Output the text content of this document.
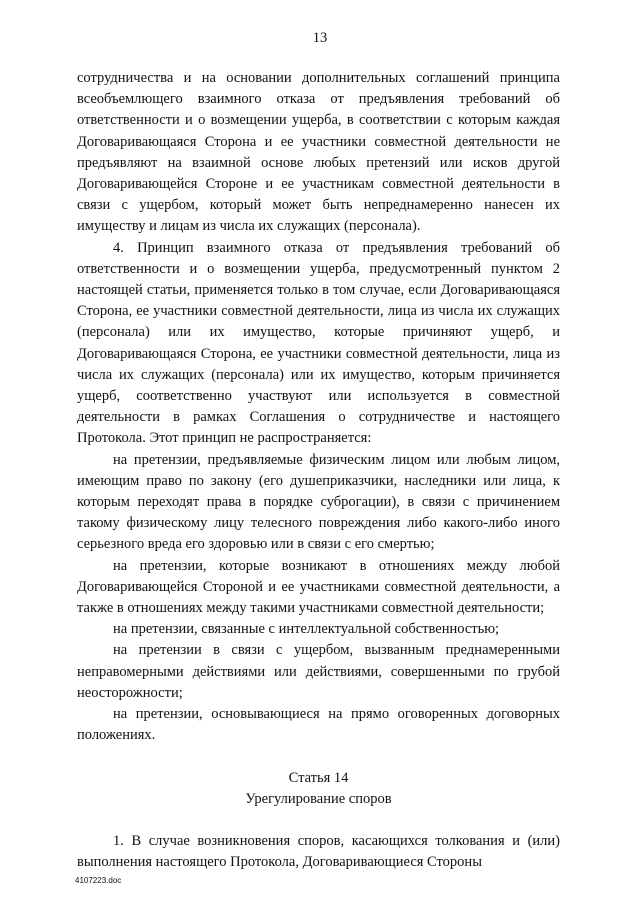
13

сотрудничества и на основании дополнительных соглашений принципа всеобъемлющего взаимного отказа от предъявления требований об ответственности и о возмещении ущерба, в соответствии с которым каждая Договаривающаяся Сторона и ее участники совместной деятельности не предъявляют на взаимной основе любых претензий или исков другой Договаривающейся Стороне и ее участникам совместной деятельности в связи с ущербом, который может быть непреднамеренно нанесен их имуществу и лицам из числа их служащих (персонала).

4. Принцип взаимного отказа от предъявления требований об ответственности и о возмещении ущерба, предусмотренный пунктом 2 настоящей статьи, применяется только в том случае, если Договаривающаяся Сторона, ее участники совместной деятельности, лица из числа их служащих (персонала) или их имущество, которые причиняют ущерб, и Договаривающаяся Сторона, ее участники совместной деятельности, лица из числа их служащих (персонала) или их имущество, которым причиняется ущерб, соответственно участвуют или используется в совместной деятельности в рамках Соглашения о сотрудничестве и настоящего Протокола. Этот принцип не распространяется:

на претензии, предъявляемые физическим лицом или любым лицом, имеющим право по закону (его душеприказчики, наследники или лица, к которым переходят права в порядке суброгации), в связи с причинением такому физическому лицу телесного повреждения либо какого-либо иного серьезного вреда его здоровью или в связи с его смертью;

на претензии, которые возникают в отношениях между любой Договаривающейся Стороной и ее участниками совместной деятельности, а также в отношениях между такими участниками совместной деятельности;

на претензии, связанные с интеллектуальной собственностью;

на претензии в связи с ущербом, вызванным преднамеренными неправомерными действиями или действиями, совершенными по грубой неосторожности;

на претензии, основывающиеся на прямо оговоренных договорных положениях.

Статья 14
Урегулирование споров

1. В случае возникновения споров, касающихся толкования и (или) выполнения настоящего Протокола, Договаривающиеся Стороны

4107223.doc
